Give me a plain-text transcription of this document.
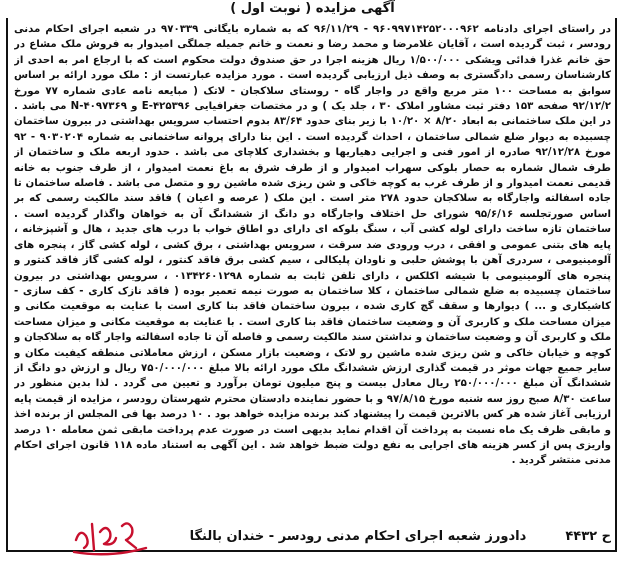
آگهی مزایده ( نوبت اول )
در راستای اجرای دادنامه ۹۶۰۹۹۷۱۴۲۵۲۰۰۰۹۶۲ - ۹۶/۱۱/۲۹ که به شماره بایگانی ۹۷۰۳۳۹ در شعبه اجرای احکام مدنی رودسر ، ثبت گردیده است ، آقایان غلامرضا و محمد رضا و نعمت و خانم جمیله جملگی امیدوار به فروش ملک مشاع در حق خانم غذرا فدائی ویشکی ۱/۵۰۰/۰۰۰ ریال هزینه اجرا در حق صندوق دولت محکوم است که با ارجاع امر به احدی از کارشناسان رسمی دادگستری به وصف ذیل ارزیابی گردیده است . مورد مزایده عبارتست از : ملک مورد ارائه بر اساس سوابق به مساحت ۱۰۰ متر مربع واقع در واجار گاه - روستای سلاکجان - لاتک ( مبایعه نامه عادی شماره ۷۷ مورخ ۹۲/۱۲/۲ صفحه ۱۵۳ دفتر ثبت مشاور املاک ۳۰ ، جلد یک ) و در مختصات جغرافیایی ۴۲۵۳۹۶-E و ۴۰۹۷۳۶۹-N می باشد . در این ملک ساختمانی به ابعاد ۸/۲۰ × ۱۰/۲۰ با زیر بنای حدود ۸۳/۶۴ بدوم احتساب سرویس بهداشتی در بیرون ساختمان چسبیده به دیوار ضلع شمالی ساختمان ، احداث گردیده است . این بنا دارای پروانه ساختمانی به شماره ۹۰۳۰۲۰۴ - ۹۲ مورخ ۹۲/۱۲/۲۸ صادره از امور فنی و اجرایی دهیاریها و بخشداری کلاچای می باشد . حدود اربعه ملک و ساختمان از طرف شمال شماره به حصار بلوکی سهراب امیدوار و از طرف شرق به باغ نعمت امیدوار ، از طرف جنوب به خانه قدیمی نعمت امیدوار و از طرف غرب به کوچه خاکی و شن ریزی شده ماشین رو و متصل می باشد . فاصله ساختمان تا جاده اسفالته واجارگاه به سلاکجان حدود ۲۷۸ متر است . این ملک ( عرصه و اعیان ) فاقد سند مالکیت رسمی که بر اساس صورتجلسه ۹۵/۶/۱۶ شورای حل اختلاف واجارگاه دو دانگ از ششدانگ آن به خواهان واگذار گردیده است . ساختمان تازه ساخت دارای لوله کشی آب ، سنگ بلوکه ای دارای دو اطاق خواب با درب های جدید ، هال و آشپزخانه ، پایه های بتنی عمومی و افقی ، درب ورودی ضد سرقت ، سرویس بهداشتی ، برق کشی ، لوله کشی گاز ، پنجره های آلومینیومی ، سردری آهن با پوشش حلبی و ناودان پلیکالی ، سیم کشی برق فاقد کنتور ، لوله کشی گاز فاقد کنتور و پنجره های آلومینیومی با شیشه اکلکس ، دارای تلفن ثابت به شماره ۰۱۳۴۲۶۰۱۲۹۸ ، سرویس بهداشتی در بیرون ساختمان چسبیده به ضلع شمالی ساختمان ، کلا ساختمان به صورت نیمه تعمیر بوده ( فاقد نازک کاری - کف سازی - کاشیکاری و ... ) دیوارها و سقف گچ کاری شده ، بیرون ساختمان فاقد بنا کاری است با عنایت به موقعیت مکانی و میزان مساحت ملک و کاربری آن و وضعیت ساختمان فاقد بنا کاری است . با عنایت به موقعیت مکانی و میزان مساحت ملک و کاربری آن و وضعیت ساختمان و نداشتن سند مالکیت رسمی و فاصله آن تا جاده اسفالته واجار گاه به سلاکجان و کوچه و خیابان خاکی و شن ریزی شده ماشین رو لاتک ، وضعیت بازار مسکن ، ارزش معاملاتی منطقه کیفیت مکان و سایر جمیع جهات موثر در قیمت گذاری ارزش ششدانگ ملک مورد ارائه بالا مبلغ ۷۵۰/۰۰۰/۰۰۰ ریال و ارزش دو دانگ از ششدانگ آن مبلغ ۲۵۰/۰۰۰/۰۰۰ ریال معادل بیست و پنج میلیون تومان برآورد و تعیین می گردد . لذا بدین منظور در ساعت ۸/۳۰ صبح روز سه شنبه مورخ ۹۷/۸/۱۵ و با حضور نماینده دادستان محترم شهرستان رودسر ، مزایده از قیمت پایه ارزیابی آغاز شده هر کس بالاترین قیمت را پیشنهاد کند برنده مزایده خواهد بود . ۱۰ درصد بها فی المجلس از برنده اخذ و مابقی ظرف یک ماه نسبت به پرداخت آن اقدام نماید بدیهی است در صورت عدم پرداخت مابقی ثمن معامله ۱۰ درصد واریزی پس از کسر هزینه های اجرایی به نفع دولت ضبط خواهد شد . این آگهی به استناد ماده ۱۱۸ قانون اجرای احکام مدنی منتشر گردید .
ح ۴۴۳۲  دادورز شعبه اجرای احکام مدنی رودسر - خندان بالنگا
